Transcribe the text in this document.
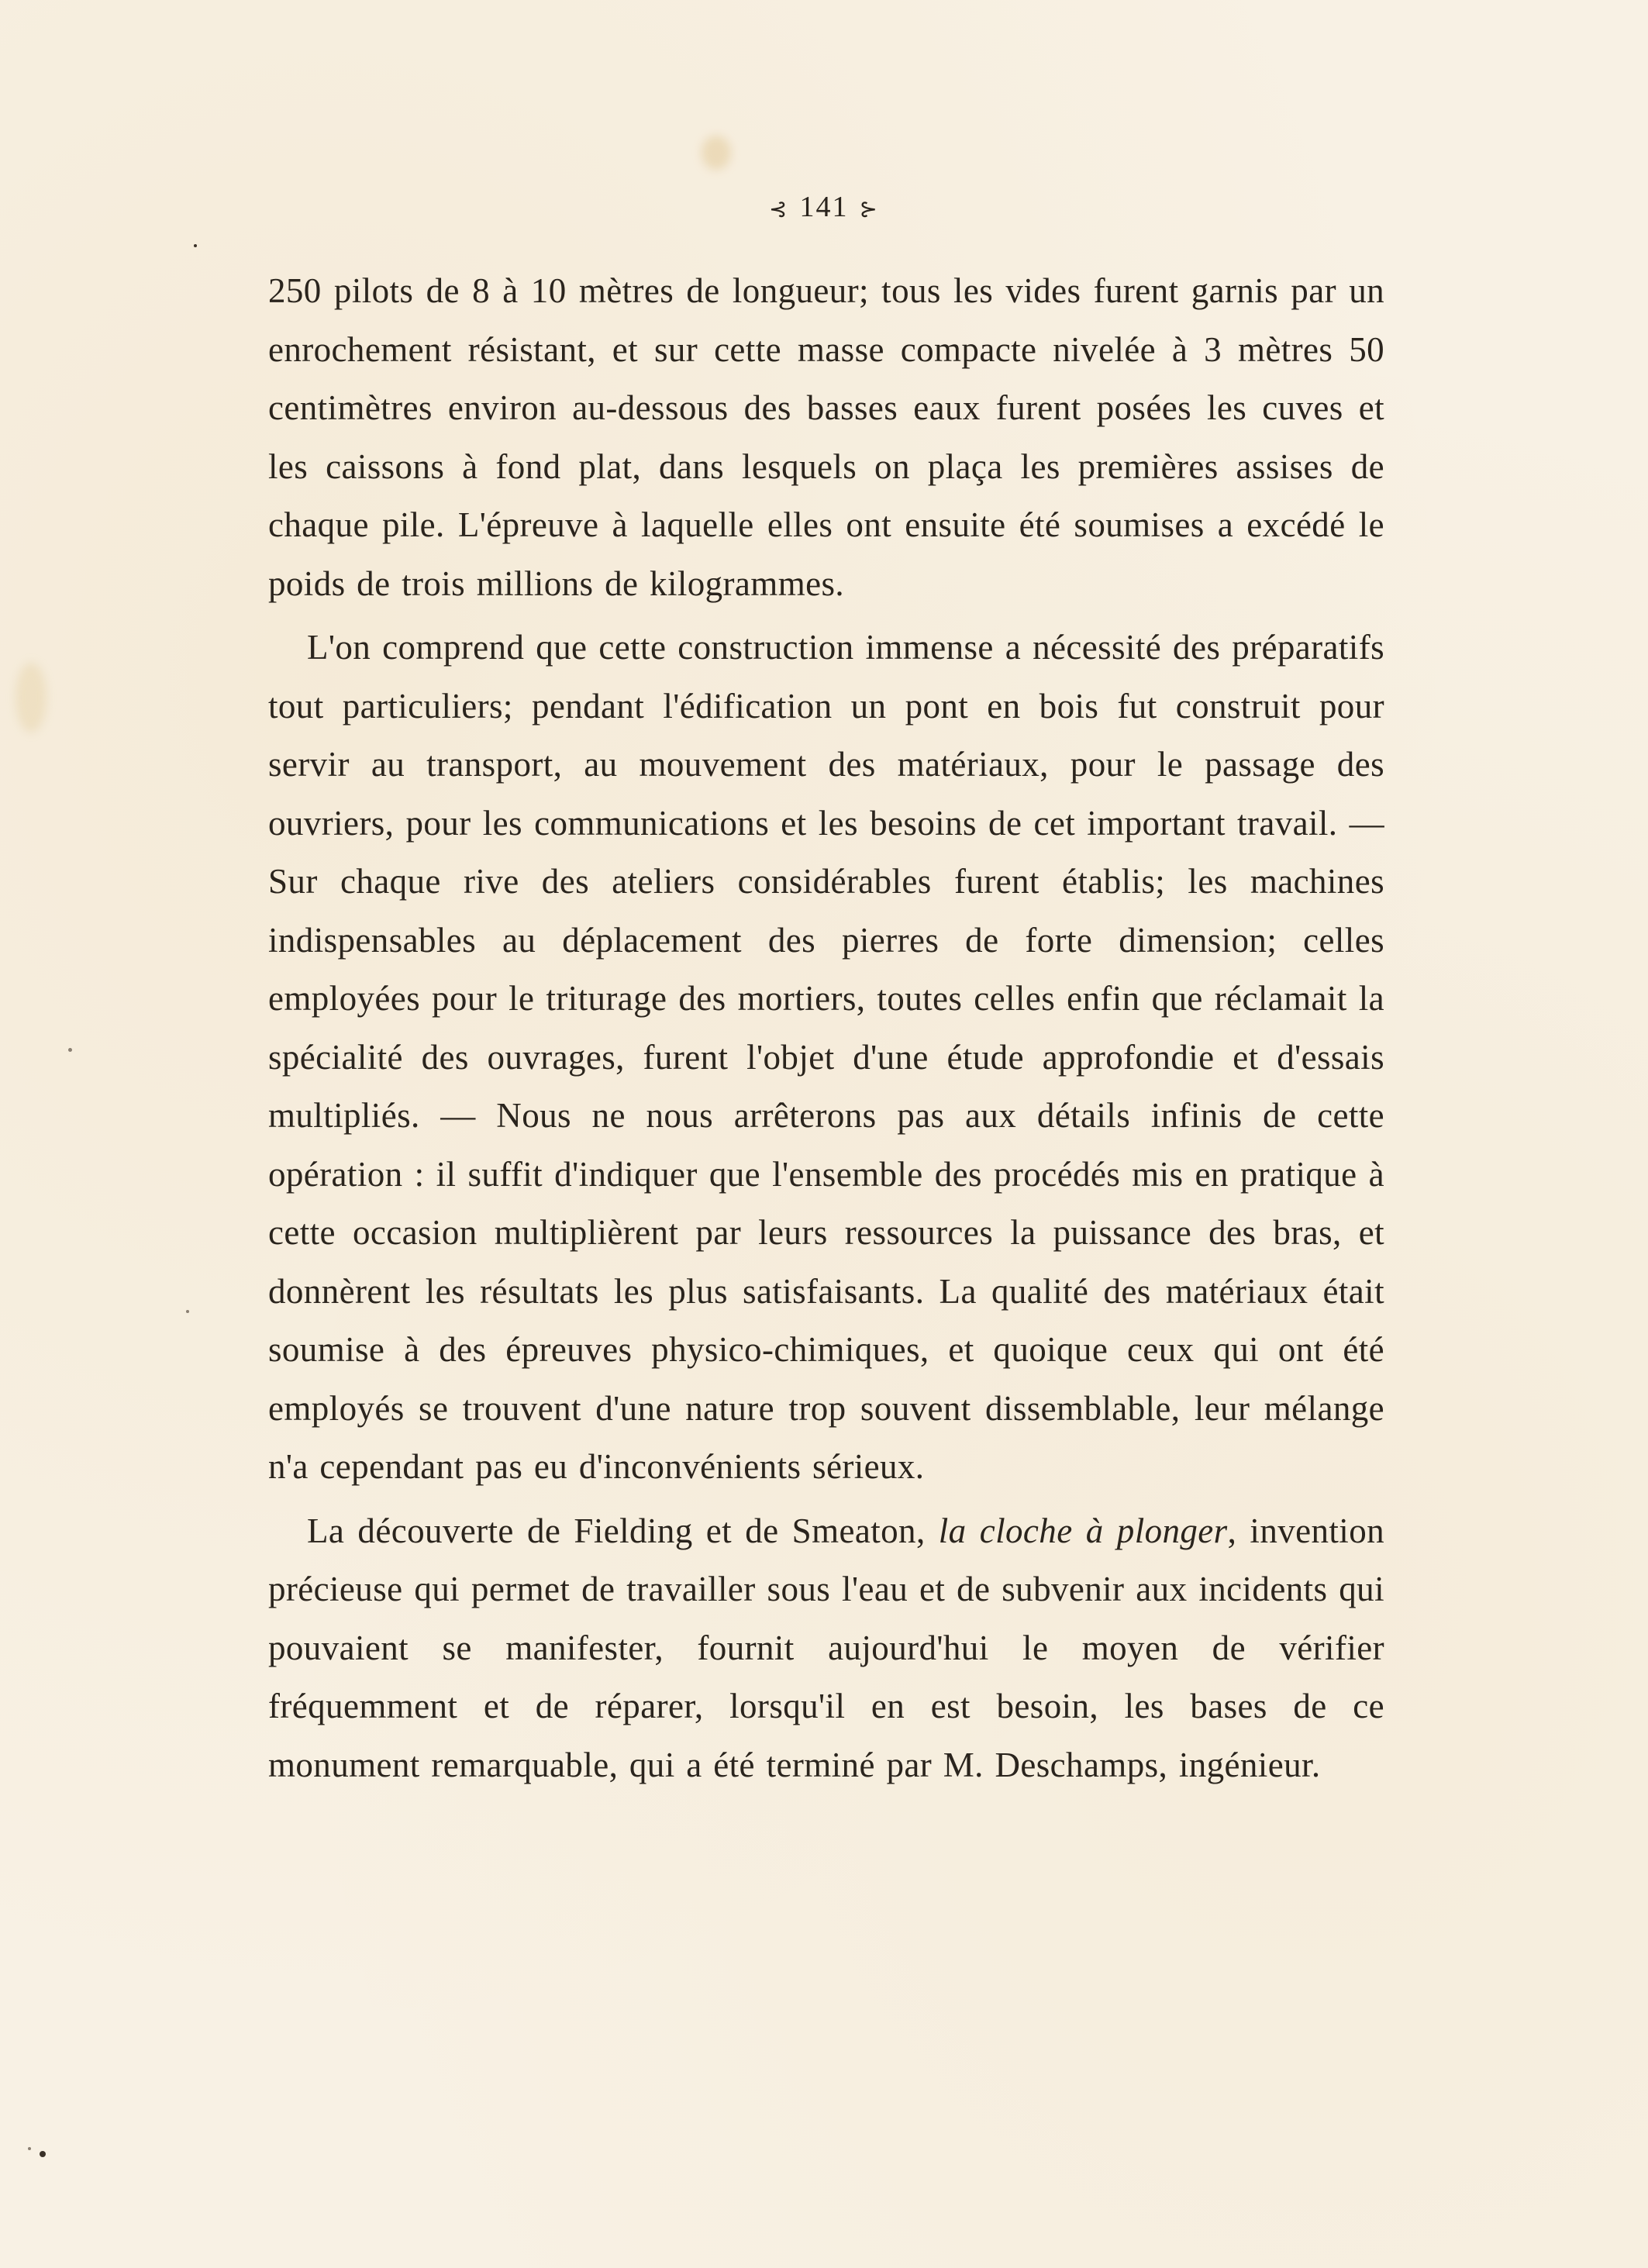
⊰ 141 ⊱

250 pilots de 8 à 10 mètres de longueur; tous les vides furent garnis par un enrochement résistant, et sur cette masse compacte nivelée à 3 mètres 50 centimètres environ au-dessous des basses eaux furent posées les cuves et les caissons à fond plat, dans lesquels on plaça les premières assises de chaque pile. L'épreuve à laquelle elles ont ensuite été soumises a excédé le poids de trois millions de kilogrammes.

L'on comprend que cette construction immense a nécessité des préparatifs tout particuliers; pendant l'édification un pont en bois fut construit pour servir au transport, au mouvement des matériaux, pour le passage des ouvriers, pour les communications et les besoins de cet important travail. — Sur chaque rive des ateliers considérables furent établis; les machines indispensables au déplacement des pierres de forte dimension; celles employées pour le triturage des mortiers, toutes celles enfin que réclamait la spécialité des ouvrages, furent l'objet d'une étude approfondie et d'essais multipliés. — Nous ne nous arrêterons pas aux détails infinis de cette opération : il suffit d'indiquer que l'ensemble des procédés mis en pratique à cette occasion multiplièrent par leurs ressources la puissance des bras, et donnèrent les résultats les plus satisfaisants. La qualité des matériaux était soumise à des épreuves physico-chimiques, et quoique ceux qui ont été employés se trouvent d'une nature trop souvent dissemblable, leur mélange n'a cependant pas eu d'inconvénients sérieux.

La découverte de Fielding et de Smeaton, la cloche à plonger, invention précieuse qui permet de travailler sous l'eau et de subvenir aux incidents qui pouvaient se manifester, fournit aujourd'hui le moyen de vérifier fréquemment et de réparer, lorsqu'il en est besoin, les bases de ce monument remarquable, qui a été terminé par M. Deschamps, ingénieur.
